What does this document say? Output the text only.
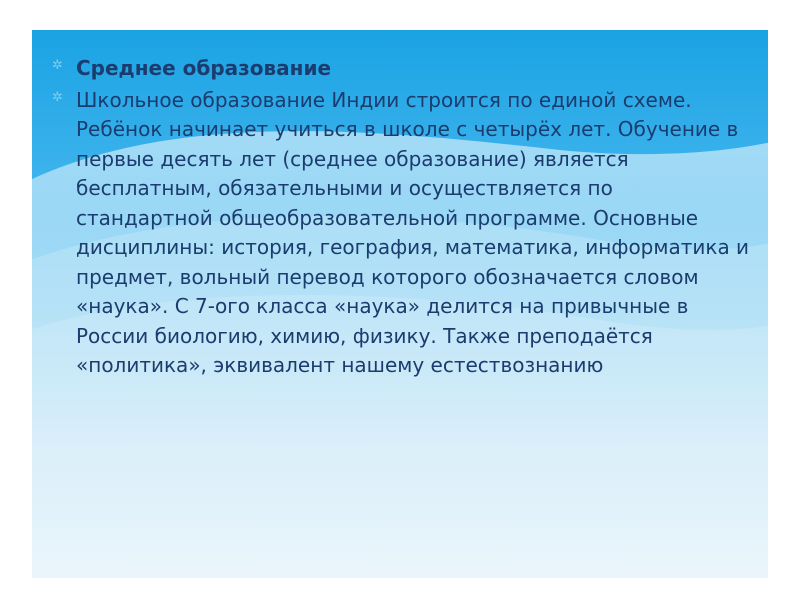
✲ Среднее образование
✲ Школьное образование Индии строится по единой схеме. Ребёнок начинает учиться в школе с четырёх лет. Обучение в первые десять лет (среднее образование) является бесплатным, обязательными и осуществляется по стандартной общеобразовательной программе. Основные дисциплины: история, география, математика, информатика и предмет, вольный перевод которого обозначается словом «наука». С 7-ого класса «наука» делится на привычные в России биологию, химию, физику. Также преподаётся «политика», эквивалент нашему естествознанию
